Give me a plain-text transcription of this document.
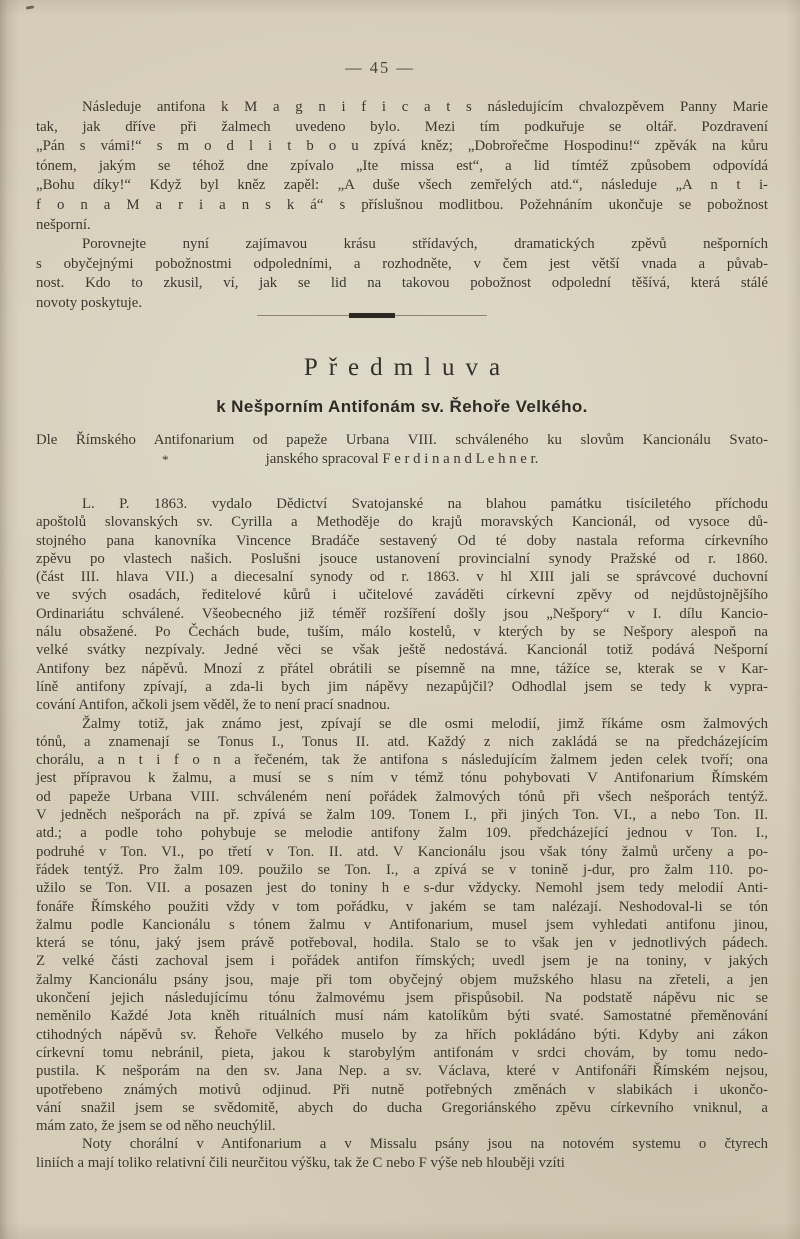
— 45 —
Následuje antifona k M a g n i f i c a t s následujícím chvalozpěvem Panny Marie
tak, jak dříve při žalmech uvedeno bylo. Mezi tím podkuřuje se oltář. Pozdravení
„Pán s vámi!“ s m o d l i t b o u zpívá kněz; „Dobrořečme Hospodinu!“ zpěvák na kůru
tónem, jakým se téhož dne zpívalo „Ite missa est“, a lid tímtéž způsobem odpovídá
„Bohu díky!“ Když byl kněz zapěl: „A duše všech zemřelých atd.“, následuje „A n t i-
f o n a M a r i a n s k á“ s příslušnou modlitbou. Požehnáním ukončuje se pobožnost
nešporní.
Porovnejte nyní zajímavou krásu střídavých, dramatických zpěvů nešporních
s obyčejnými pobožnostmi odpoledními, a rozhodněte, v čem jest větší vnada a půvab-
nost. Kdo to zkusil, ví, jak se lid na takovou pobožnost odpolední těšívá, která stálé
novoty poskytuje.
Předmluva
k Nešporním Antifonám sv. Řehoře Velkého.
Dle Římského Antifonarium od papeže Urbana VIII. schváleného ku slovům Kancionálu Svato-
janského spracoval F e r d i n a n d L e h n e r.
*
L. P. 1863. vydalo Dědictví Svatojanské na blahou památku tisíciletého příchodu
apoštolů slovanských sv. Cyrilla a Methoděje do krajů moravských Kancionál, od vysoce dů-
stojného pana kanovníka Vincence Bradáče sestavený Od té doby nastala reforma církevního
zpěvu po vlastech našich. Poslušni jsouce ustanovení provincialní synody Pražské od r. 1860.
(část III. hlava VII.) a diecesalní synody od r. 1863. v hl XIII jali se správcové duchovní
ve svých osadách, ředitelové kůrů i učitelové zaváděti církevní zpěvy od nejdůstojnějšího
Ordinariátu schválené. Všeobecného již téměř rozšíření došly jsou „Nešpory“ v I. dílu Kancio-
nálu obsažené. Po Čechách bude, tuším, málo kostelů, v kterých by se Nešpory alespoň na
velké svátky nezpívaly. Jedné věci se však ještě nedostává. Kancionál totiž podává Nešporní
Antifony bez nápěvů. Mnozí z přátel obrátili se písemně na mne, tážíce se, kterak se v Kar-
líně antifony zpívají, a zda-li bych jim nápěvy nezapůjčil? Odhodlal jsem se tedy k vypra-
cování Antifon, ačkoli jsem věděl, že to není prací snadnou.
Žalmy totiž, jak známo jest, zpívají se dle osmi melodií, jimž říkáme osm žalmových
tónů, a znamenají se Tonus I., Tonus II. atd. Každý z nich zakládá se na předcházejícím
chorálu, a n t i f o n a řečeném, tak že antifona s následujícím žalmem jeden celek tvoří; ona
jest přípravou k žalmu, a musí se s ním v témž tónu pohybovati V Antifonarium Římském
od papeže Urbana VIII. schváleném není pořádek žalmových tónů při všech nešporách tentýž.
V jedněch nešporách na př. zpívá se žalm 109. Tonem I., při jiných Ton. VI., a nebo Ton. II.
atd.; a podle toho pohybuje se melodie antifony žalm 109. předcházející jednou v Ton. I.,
podruhé v Ton. VI., po třetí v Ton. II. atd. V Kancionálu jsou však tóny žalmů určeny a po-
řádek tentýž. Pro žalm 109. použilo se Ton. I., a zpívá se v tonině j-dur, pro žalm 110. po-
užilo se Ton. VII. a posazen jest do toniny h e s-dur vždycky. Nemohl jsem tedy melodií Anti-
fonáře Římského použiti vždy v tom pořádku, v jakém se tam nalézají. Neshodoval-li se tón
žalmu podle Kancionálu s tónem žalmu v Antifonarium, musel jsem vyhledati antifonu jinou,
která se tónu, jaký jsem právě potřeboval, hodila. Stalo se to však jen v jednotlivých pádech.
Z velké části zachoval jsem i pořádek antifon římských; uvedl jsem je na toniny, v jakých
žalmy Kancionálu psány jsou, maje při tom obyčejný objem mužského hlasu na zřeteli, a jen
ukončení jejich následujícímu tónu žalmovému jsem přispůsobil. Na podstatě nápěvu nic se
neměnilo Každé Jota kněh rituálních musí nám katolíkům býti svaté. Samostatné přeměnování
ctihodných nápěvů sv. Řehoře Velkého muselo by za hřích pokládáno býti. Kdyby ani zákon
církevní tomu nebránil, pieta, jakou k starobylým antifonám v srdci chovám, by tomu nedo-
pustila. K nešporám na den sv. Jana Nep. a sv. Václava, které v Antifonáři Římském nejsou,
upotřebeno známých motivů odjinud. Při nutně potřebných změnách v slabikách i ukončo-
vání snažil jsem se svědomitě, abych do ducha Gregoriánského zpěvu církevního vniknul, a
mám zato, že jsem se od něho neuchýlil.
Noty chorální v Antifonarium a v Missalu psány jsou na notovém systemu o čtyrech
liniích a mají toliko relativní čili neurčitou výšku, tak že C nebo F výše neb hlouběji vzíti
